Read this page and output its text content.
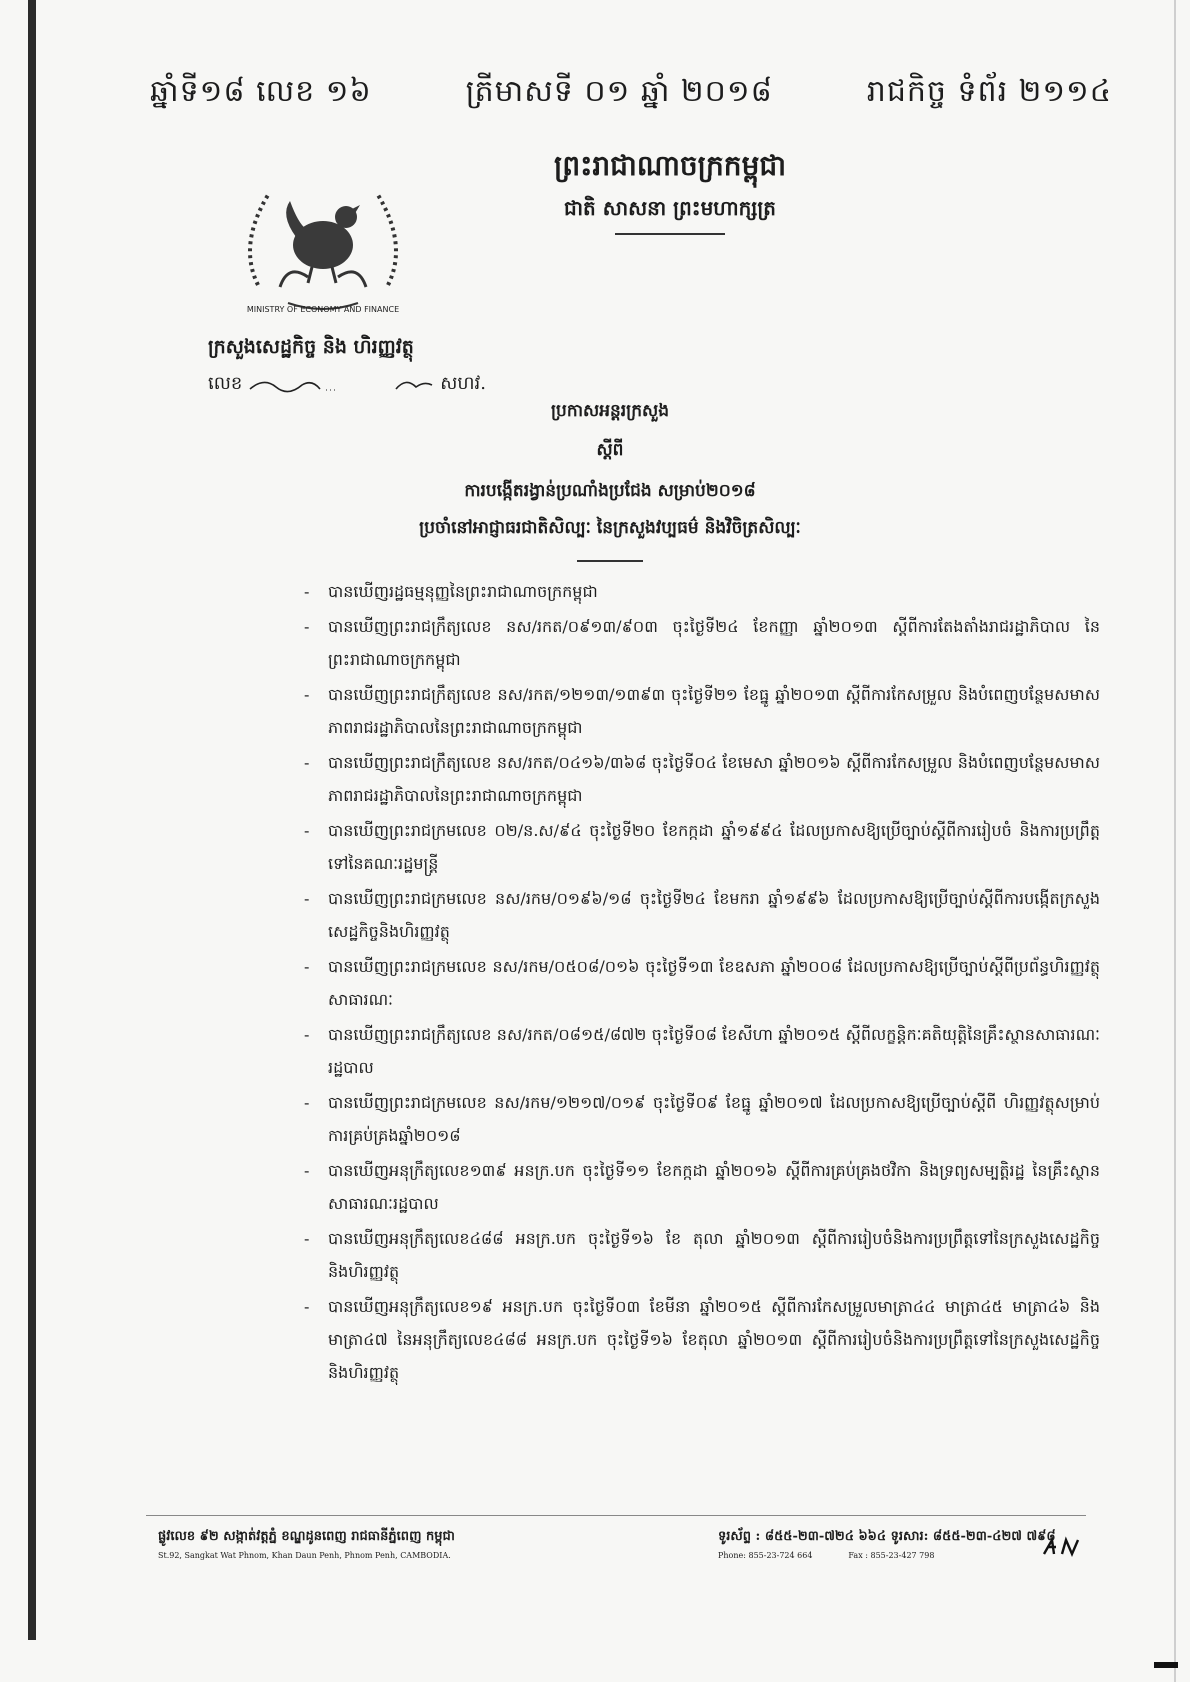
ឆ្នាំទី១៨ លេខ ១៦	ត្រីមាសទី ០១ ឆ្នាំ ២០១៨	រាជកិច្ច ទំព័រ ២១១៤
ព្រះរាជាណាចក្រកម្ពុជា
ជាតិ សាសនា ព្រះមហាក្សត្រ
MINISTRY OF ECONOMY AND FINANCE
ក្រសួងសេដ្ឋកិច្ច និង ហិរញ្ញវត្ថុ
លេខ	សហវ.
ប្រកាសអន្តរក្រសួង
ស្តីពី
ការបង្កើតរង្វាន់ប្រណាំងប្រជែង សម្រាប់២០១៨
ប្រចាំនៅអាជ្ញាធរជាតិសិល្បៈ នៃក្រសួងវប្បធម៌ និងវិចិត្រសិល្បៈ
- បានឃើញរដ្ឋធម្មនុញ្ញនៃព្រះរាជាណាចក្រកម្ពុជា
- បានឃើញព្រះរាជក្រឹត្យលេខ នស/រកត/០៩១៣/៩០៣ ចុះថ្ងៃទី២៤ ខែកញ្ញា ឆ្នាំ២០១៣ ស្តីពីការតែងតាំងរាជរដ្ឋាភិបាល នៃព្រះរាជាណាចក្រកម្ពុជា
- បានឃើញព្រះរាជក្រឹត្យលេខ នស/រកត/១២១៣/១៣៩៣ ចុះថ្ងៃទី២១ ខែធ្នូ ឆ្នាំ២០១៣ ស្តីពីការកែសម្រួល និងបំពេញបន្ថែមសមាសភាពរាជរដ្ឋាភិបាលនៃព្រះរាជាណាចក្រកម្ពុជា
- បានឃើញព្រះរាជក្រឹត្យលេខ នស/រកត/០៤១៦/៣៦៨ ចុះថ្ងៃទី០៤ ខែមេសា ឆ្នាំ២០១៦ ស្តីពីការកែសម្រួល និងបំពេញបន្ថែមសមាសភាពរាជរដ្ឋាភិបាលនៃព្រះរាជាណាចក្រកម្ពុជា
- បានឃើញព្រះរាជក្រមលេខ ០២/ន.ស/៩៤ ចុះថ្ងៃទី២០ ខែកក្កដា ឆ្នាំ១៩៩៤ ដែលប្រកាសឱ្យប្រើច្បាប់ស្តីពីការរៀបចំ និងការប្រព្រឹត្តទៅនៃគណៈរដ្ឋមន្ត្រី
- បានឃើញព្រះរាជក្រមលេខ នស/រកម/០១៩៦/១៨ ចុះថ្ងៃទី២៤ ខែមករា ឆ្នាំ១៩៩៦ ដែលប្រកាសឱ្យប្រើច្បាប់ស្តីពីការបង្កើតក្រសួងសេដ្ឋកិច្ចនិងហិរញ្ញវត្ថុ
- បានឃើញព្រះរាជក្រមលេខ នស/រកម/០៥០៨/០១៦ ចុះថ្ងៃទី១៣ ខែឧសភា ឆ្នាំ២០០៨ ដែលប្រកាសឱ្យប្រើច្បាប់ស្តីពីប្រព័ន្ធហិរញ្ញវត្ថុសាធារណៈ
- បានឃើញព្រះរាជក្រឹត្យលេខ នស/រកត/០៨១៥/៨៧២ ចុះថ្ងៃទី០៨ ខែសីហា ឆ្នាំ២០១៥ ស្តីពីលក្ខន្តិកៈគតិយុត្តិនៃគ្រឹះស្ថានសាធារណៈរដ្ឋបាល
- បានឃើញព្រះរាជក្រមលេខ នស/រកម/១២១៧/០១៩ ចុះថ្ងៃទី០៩ ខែធ្នូ ឆ្នាំ២០១៧ ដែលប្រកាសឱ្យប្រើច្បាប់ស្តីពី ហិរញ្ញវត្ថុសម្រាប់ការគ្រប់គ្រងឆ្នាំ២០១៨
- បានឃើញអនុក្រឹត្យលេខ១៣៩ អនក្រ.បក ចុះថ្ងៃទី១១ ខែកក្កដា ឆ្នាំ២០១៦ ស្តីពីការគ្រប់គ្រងថវិកា និងទ្រព្យសម្បត្តិរដ្ឋ នៃគ្រឹះស្ថានសាធារណៈរដ្ឋបាល
- បានឃើញអនុក្រឹត្យលេខ៤៨៨ អនក្រ.បក ចុះថ្ងៃទី១៦ ខែ តុលា ឆ្នាំ២០១៣ ស្តីពីការរៀបចំនិងការប្រព្រឹត្តទៅនៃក្រសួងសេដ្ឋកិច្ចនិងហិរញ្ញវត្ថុ
- បានឃើញអនុក្រឹត្យលេខ១៩ អនក្រ.បក ចុះថ្ងៃទី០៣ ខែមីនា ឆ្នាំ២០១៥ ស្តីពីការកែសម្រួលមាត្រា៤៤ មាត្រា៤៥ មាត្រា៤៦ និងមាត្រា៤៧ នៃអនុក្រឹត្យលេខ៤៨៨ អនក្រ.បក ចុះថ្ងៃទី១៦ ខែតុលា ឆ្នាំ២០១៣ ស្តីពីការរៀបចំនិងការប្រព្រឹត្តទៅនៃក្រសួងសេដ្ឋកិច្ចនិងហិរញ្ញវត្ថុ
ផ្លូវលេខ ៩២ សង្កាត់វត្តភ្នំ ខណ្ឌដូនពេញ រាជធានីភ្នំពេញ កម្ពុជា
St.92, Sangkat Wat Phnom, Khan Daun Penh, Phnom Penh, CAMBODIA.
ទូរស័ព្ទ : ៨៥៥-២៣-៧២៤ ៦៦៤ ទូរសារ: ៨៥៥-២៣-៤២៧ ៧៩៨
Phone: 855-23-724 664	Fax : 855-23-427 798
